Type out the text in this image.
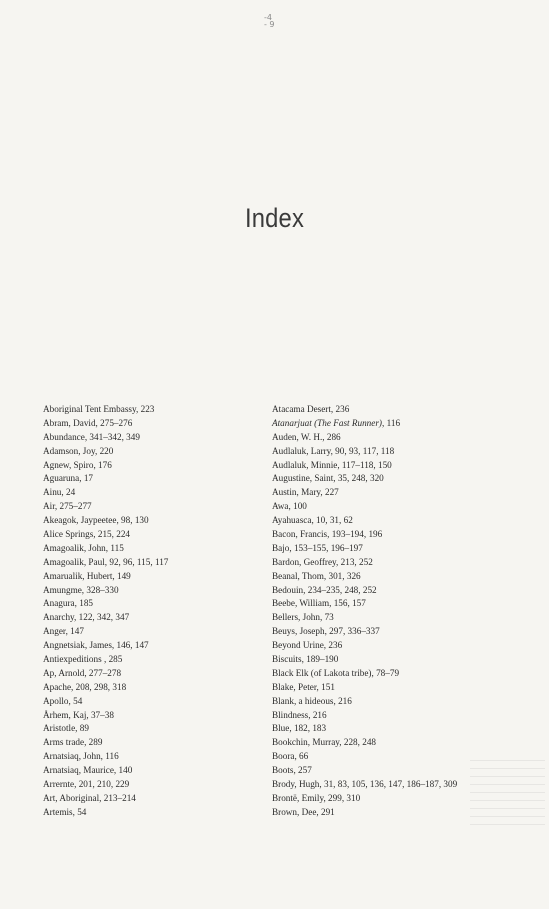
-4
- 9
Index
Aboriginal Tent Embassy, 223
Abram, David, 275–276
Abundance, 341–342, 349
Adamson, Joy, 220
Agnew, Spiro, 176
Aguaruna, 17
Ainu, 24
Air, 275–277
Akeagok, Jaypeetee, 98, 130
Alice Springs, 215, 224
Amagoalik, John, 115
Amagoalik, Paul, 92, 96, 115, 117
Amarualik, Hubert, 149
Amungme, 328–330
Anagura, 185
Anarchy, 122, 342, 347
Anger, 147
Angnetsiak, James, 146, 147
Antiexpeditions , 285
Ap, Arnold, 277–278
Apache, 208, 298, 318
Apollo, 54
Århem, Kaj, 37–38
Aristotle, 89
Arms trade, 289
Arnatsiaq, John, 116
Arnatsiaq, Maurice, 140
Arrernte, 201, 210, 229
Art, Aboriginal, 213–214
Artemis, 54
Atacama Desert, 236
Atanarjuat (The Fast Runner), 116
Auden, W. H., 286
Audlaluk, Larry, 90, 93, 117, 118
Audlaluk, Minnie, 117–118, 150
Augustine, Saint, 35, 248, 320
Austin, Mary, 227
Awa, 100
Ayahuasca, 10, 31, 62
Bacon, Francis, 193–194, 196
Bajo, 153–155, 196–197
Bardon, Geoffrey, 213, 252
Beanal, Thom, 301, 326
Bedouin, 234–235, 248, 252
Beebe, William, 156, 157
Bellers, John, 73
Beuys, Joseph, 297, 336–337
Beyond Urine, 236
Biscuits, 189–190
Black Elk (of Lakota tribe), 78–79
Blake, Peter, 151
Blank, a hideous, 216
Blindness, 216
Blue, 182, 183
Bookchin, Murray, 228, 248
Boora, 66
Boots, 257
Brody, Hugh, 31, 83, 105, 136, 147, 186–187, 309
Brontë, Emily, 299, 310
Brown, Dee, 291
